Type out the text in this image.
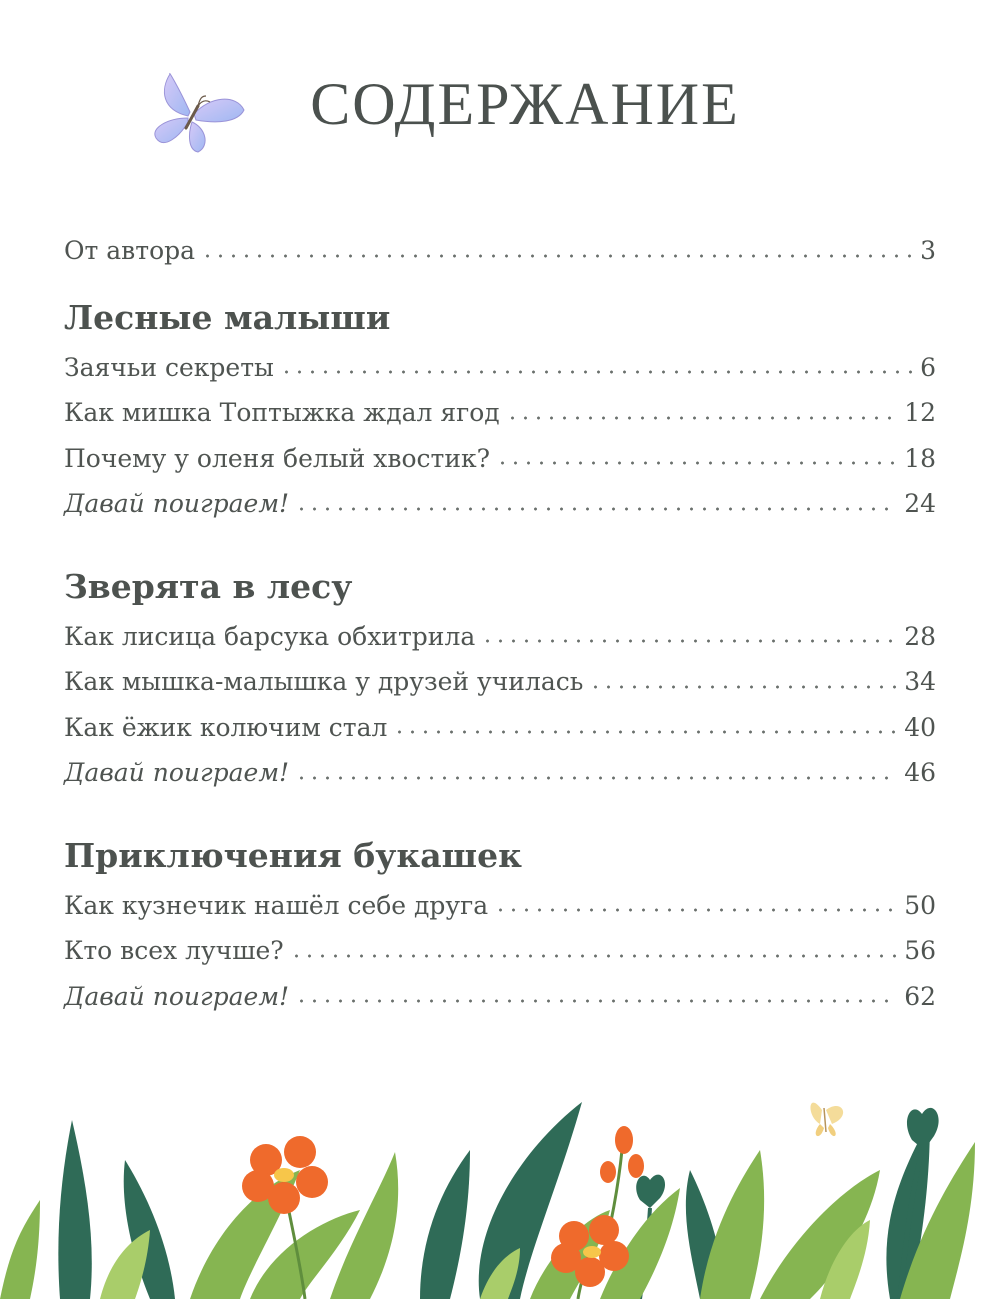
СОДЕРЖАНИЕ
От автора	3
Лесные малыши
Заячьи секреты	6
Как мишка Топтыжка ждал ягод	12
Почему у оленя белый хвостик?	18
Давай поиграем!	24
Зверята в лесу
Как лисица барсука обхитрила	28
Как мышка-малышка у друзей училась	34
Как ёжик колючим стал	40
Давай поиграем!	46
Приключения букашек
Как кузнечик нашёл себе друга	50
Кто всех лучше?	56
Давай поиграем!	62
